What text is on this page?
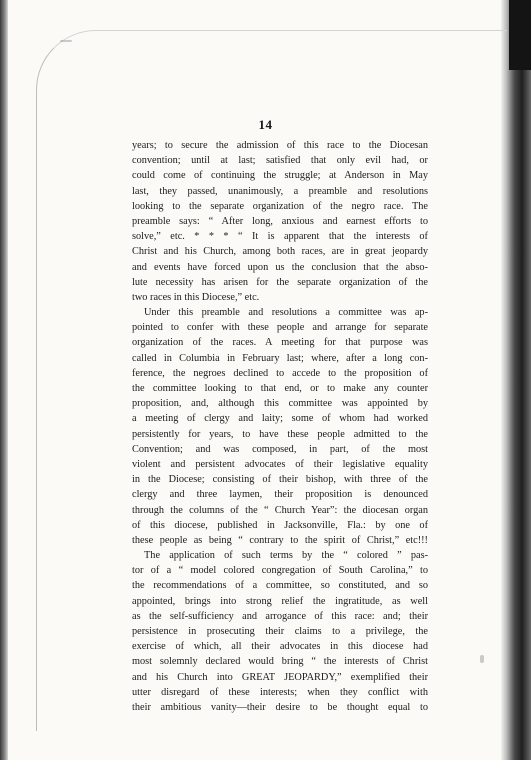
14
years; to secure the admission of this race to the Diocesan
convention; until at last; satisfied that only evil had, or
could come of continuing the struggle; at Anderson in May
last, they passed, unanimously, a preamble and resolutions
looking to the separate organization of the negro race. The
preamble says: “ After long, anxious and earnest efforts to
solve,” etc. * * * “ It is apparent that the interests of
Christ and his Church, among both races, are in great jeopardy
and events have forced upon us the conclusion that the abso-
lute necessity has arisen for the separate organization of the
two races in this Diocese,” etc.
Under this preamble and resolutions a committee was ap-
pointed to confer with these people and arrange for separate
organization of the races. A meeting for that purpose was
called in Columbia in February last; where, after a long con-
ference, the negroes declined to accede to the proposition of
the committee looking to that end, or to make any counter
proposition, and, although this committee was appointed by
a meeting of clergy and laity; some of whom had worked
persistently for years, to have these people admitted to the
Convention; and was composed, in part, of the most
violent and persistent advocates of their legislative equality
in the Diocese; consisting of their bishop, with three of the
clergy and three laymen, their proposition is denounced
through the columns of the “ Church Year”: the diocesan organ
of this diocese, published in Jacksonville, Fla.: by one of
these people as being “ contrary to the spirit of Christ,” etc!!!
The application of such terms by the “ colored ” pas-
tor of a “ model colored congregation of South Carolina,” to
the recommendations of a committee, so constituted, and so
appointed, brings into strong relief the ingratitude, as well
as the self-sufficiency and arrogance of this race: and; their
persistence in prosecuting their claims to a privilege, the
exercise of which, all their advocates in this diocese had
most solemnly declared would bring “ the interests of Christ
and his Church into GREAT JEOPARDY,” exemplified their
utter disregard of these interests; when they conflict with
their ambitious vanity—their desire to be thought equal to
